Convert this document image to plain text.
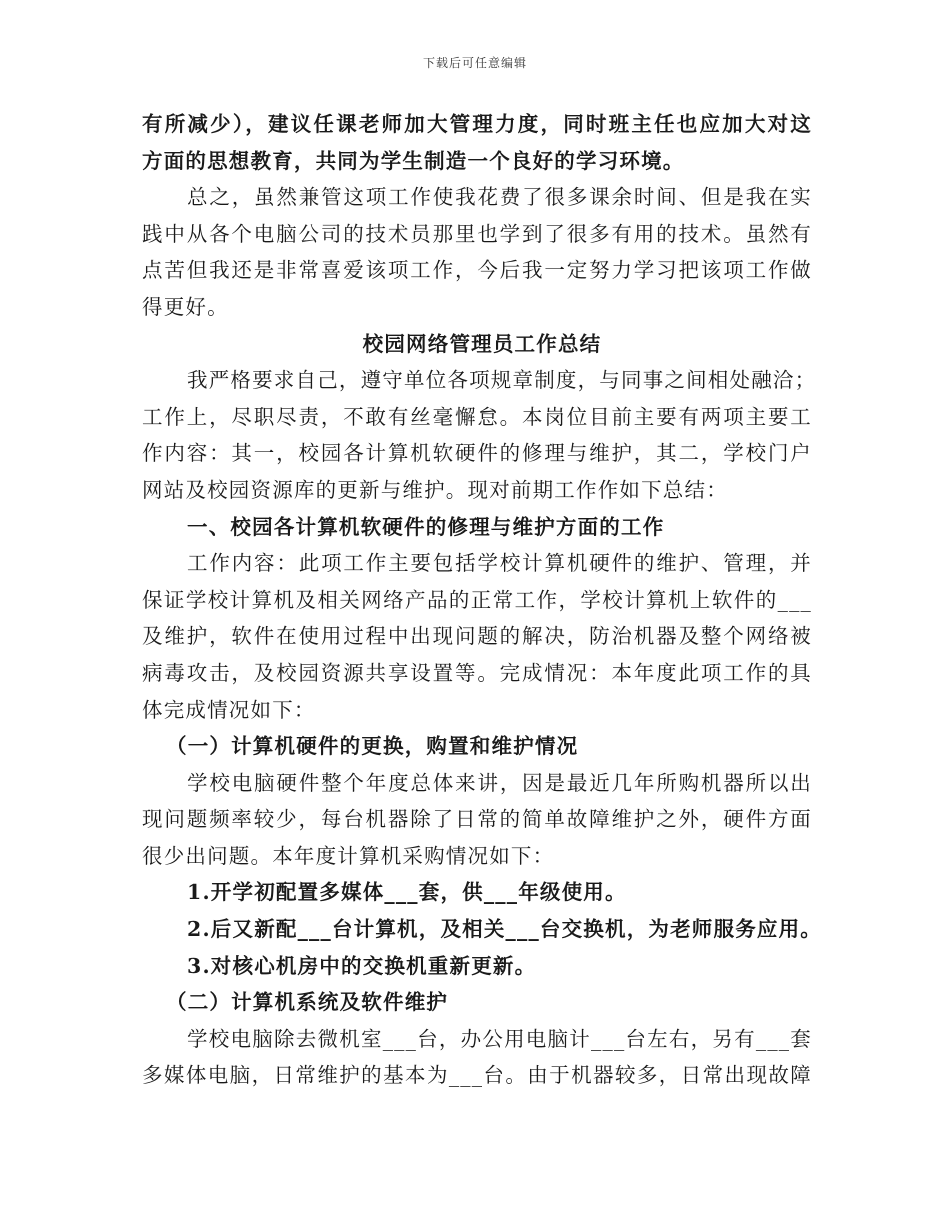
下载后可任意编辑
有所减少），建议任课老师加大管理力度，同时班主任也应加大对这
方面的思想教育，共同为学生制造一个良好的学习环境。
总之，虽然兼管这项工作使我花费了很多课余时间、但是我在实
践中从各个电脑公司的技术员那里也学到了很多有用的技术。虽然有
点苦但我还是非常喜爱该项工作，今后我一定努力学习把该项工作做
得更好。
校园网络管理员工作总结
我严格要求自己，遵守单位各项规章制度，与同事之间相处融洽；
工作上，尽职尽责，不敢有丝毫懈怠。本岗位目前主要有两项主要工
作内容：其一，校园各计算机软硬件的修理与维护，其二，学校门户
网站及校园资源库的更新与维护。现对前期工作作如下总结：
一、校园各计算机软硬件的修理与维护方面的工作
工作内容：此项工作主要包括学校计算机硬件的维护、管理，并
保证学校计算机及相关网络产品的正常工作，学校计算机上软件的___
及维护，软件在使用过程中出现问题的解决，防治机器及整个网络被
病毒攻击，及校园资源共享设置等。完成情况：本年度此项工作的具
体完成情况如下：
（一）计算机硬件的更换，购置和维护情况
学校电脑硬件整个年度总体来讲，因是最近几年所购机器所以出
现问题频率较少，每台机器除了日常的简单故障维护之外，硬件方面
很少出问题。本年度计算机采购情况如下：
1.开学初配置多媒体___套，供___年级使用。
2.后又新配___台计算机，及相关___台交换机，为老师服务应用。
3.对核心机房中的交换机重新更新。
（二）计算机系统及软件维护
学校电脑除去微机室___台，办公用电脑计___台左右，另有___套
多媒体电脑，日常维护的基本为___台。由于机器较多，日常出现故障
